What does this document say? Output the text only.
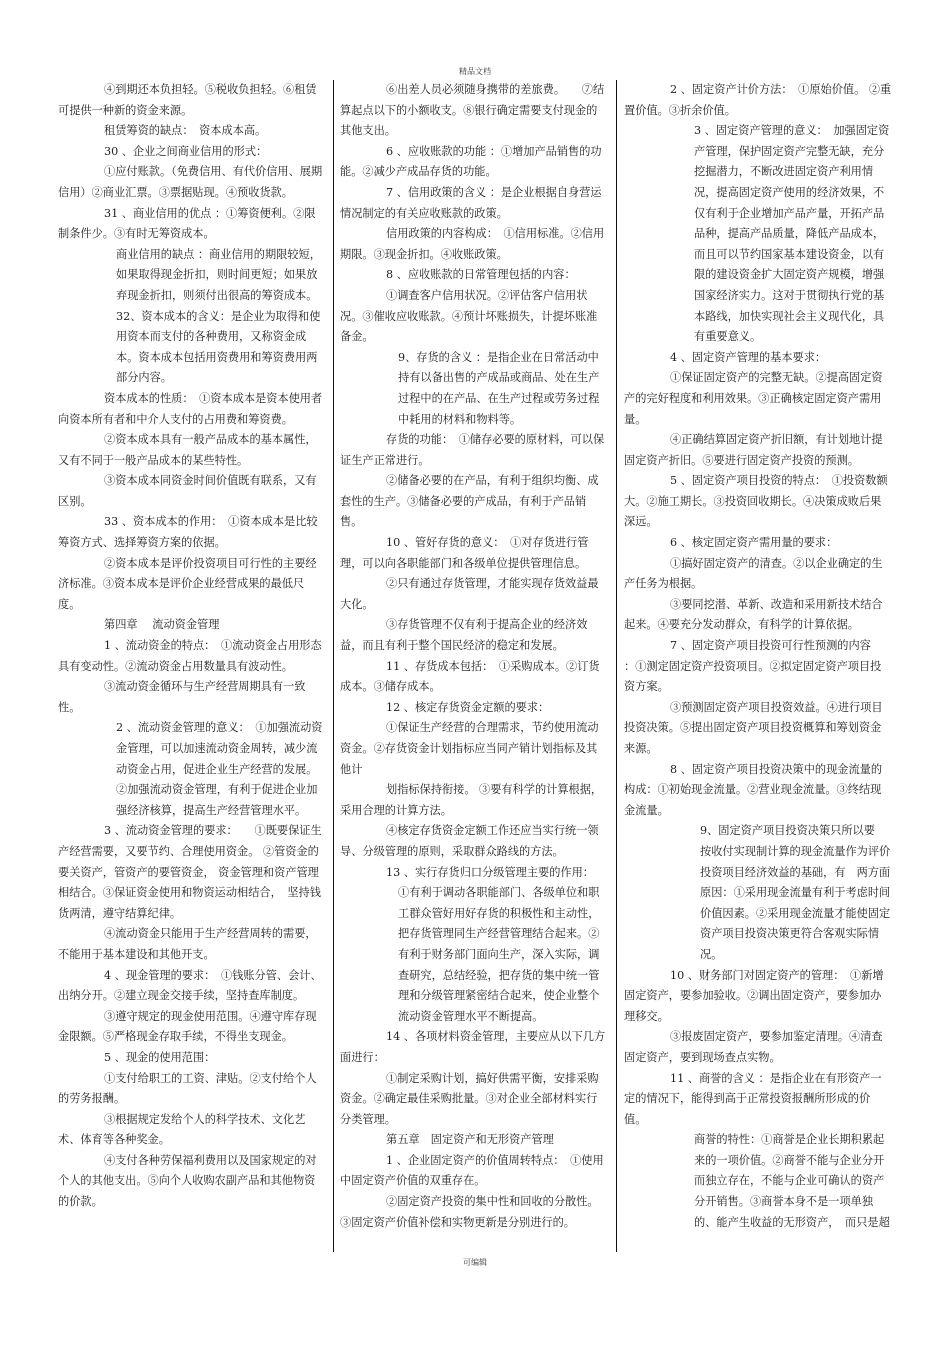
精品文档

④到期还本负担轻。⑤税收负担轻。⑥租赁可提供一种新的资金来源。

租赁筹资的缺点：　资本成本高。

30 、企业之间商业信用的形式：

①应付账款。（免费信用、有代价信用、展期信用）②商业汇票。③票据贴现。④预收货款。

31 、商业信用的优点 ：①筹资便利。②限制条件少。③有时无筹资成本。

商业信用的缺点 ：商业信用的期限较短，如果取得现金折扣，则时间更短；如果放弃现金折扣，则须付出很高的筹资成本。 32、资本成本的含义：是企业为取得和使用资本而支付的各种费用，又称资金成本。资本成本包括用资费用和筹资费用两部分内容。

资本成本的性质：　①资本成本是资本使用者向资本所有者和中介人支付的占用费和筹资费。

②资本成本具有一般产品成本的基本属性，又有不同于一般产品成本的某些特性。

③资本成本同资金时间价值既有联系，又有区别。

33 、资本成本的作用：　①资本成本是比较筹资方式、选择筹资方案的依据。

②资本成本是评价投资项目可行性的主要经济标准。③资本成本是评价企业经营成果的最低尺度。

第四章　 流动资金管理

1 、流动资金的特点：　①流动资金占用形态具有变动性。②流动资金占用数量具有波动性。

③流动资金循环与生产经营周期具有一致性。

2 、流动资金管理的意义：　①加强流动资金管理，可以加速流动资金周转，减少流动资金占用，促进企业生产经营的发展。②加强流动资金管理，有利于促进企业加强经济核算，提高生产经营管理水平。

3 、流动资金管理的要求：　　①既要保证生产经营需要，又要节约、合理使用资金。 ②管资金的要关资产，管资产的要管资金， 资金管理和资产管理相结合。③保证资金使用和物资运动相结合，　坚持钱货两清，遵守结算纪律。

④流动资金只能用于生产经营周转的需要，不能用于基本建设和其他开支。

4 、现金管理的要求：　①钱账分管、会计、出纳分开。②建立现金交接手续，坚持查库制度。

③遵守规定的现金使用范围。④遵守库存现金限额。⑤严格现金存取手续，不得坐支现金。

5 、现金的使用范围：

①支付给职工的工资、津贴。②支付给个人的劳务报酬。

③根据规定发给个人的科学技术、文化艺术、体育等各种奖金。

④支付各种劳保福利费用以及国家规定的对个人的其他支出。⑤向个人收购农副产品和其他物资的价款。

⑥出差人员必须随身携带的差旅费。　　⑦结算起点以下的小额收支。⑧银行确定需要支付现金的其他支出。

6 、应收账款的功能 ：①增加产品销售的功能。②减少产成品存货的功能。

7 、信用政策的含义 ：是企业根据自身营运情况制定的有关应收账款的政策。

信用政策的内容构成：　①信用标准。②信用期限。③现金折扣。④收账政策。

8 、应收账款的日常管理包括的内容：

①调查客户信用状况。②评估客户信用状况。③催收应收账款。④预计坏账损失，计提坏账准备金。

9、存货的含义 ：是指企业在日常活动中持有以备出售的产成品或商品、处在生产过程中的在产品、在生产过程或劳务过程中耗用的材料和物料等。

存货的功能：　①储存必要的原材料，可以保证生产正常进行。

②储备必要的在产品，有利于组织均衡、成套性的生产。③储备必要的产成品，有利于产品销售。

10 、管好存货的意义：　①对存货进行管理，可以向各职能部门和各级单位提供管理信息。

②只有通过存货管理，才能实现存货效益最大化。

③存货管理不仅有利于提高企业的经济效益，而且有利于整个国民经济的稳定和发展。

11 、存货成本包括：　①采购成本。②订货成本。③储存成本。

12 、核定存货资金定额的要求：

①保证生产经营的合理需求，节约使用流动资金。②存货资金计划指标应当同产销计划指标及其他计

划指标保持衔接。 ③要有科学的计算根据，采用合理的计算方法。

④核定存货资金定额工作还应当实行统一领导、分级管理的原则，采取群众路线的方法。

13 、实行存货归口分级管理主要的作用：

①有利于调动各职能部门、各级单位和职工群众管好用好存货的积极性和主动性，把存货管理同生产经营管理结合起来。②有利于财务部门面向生产，深入实际，调查研究，总结经验，把存货的集中统一管理和分级管理紧密结合起来，使企业整个流动资金管理水平不断提高。

14 、各项材料资金管理，主要应从以下几方面进行：

①制定采购计划，搞好供需平衡，安排采购资金。②确定最佳采购批量。③对企业全部材料实行分类管理。

第五章　固定资产和无形资产管理

1 、企业固定资产的价值周转特点：　①使用中固定资产价值的双重存在。

②固定资产投资的集中性和回收的分散性。③固定资产价值补偿和实物更新是分别进行的。

2 、固定资产计价方法：　①原始价值。 ②重置价值。③折余价值。

3 、固定资产管理的意义：　加强固定资产管理，保护固定资产完整无缺，充分挖掘潜力，不断改进固定资产利用情况，提高固定资产使用的经济效果，不仅有利于企业增加产品产量，开拓产品品种，提高产品质量，降低产品成本，而且可以节约国家基本建设资金，以有限的建设资金扩大固定资产规模，增强国家经济实力。这对于贯彻执行党的基本路线，加快实现社会主义现代化，具有重要意义。

4 、固定资产管理的基本要求：

①保证固定资产的完整无缺。②提高固定资产的完好程度和利用效果。③正确核定固定资产需用量。

④正确结算固定资产折旧额，有计划地计提固定资产折旧。⑤要进行固定资产投资的预测。

5 、固定资产项目投资的特点：　①投资数额大。②施工期长。③投资回收期长。④决策成败后果深远。

6 、核定固定资产需用量的要求：

①搞好固定资产的清查。②以企业确定的生产任务为根据。

③要同挖潜、革新、改造和采用新技术结合起来。④要充分发动群众，有科学的计算依据。

7 、固定资产项目投资可行性预测的内容　　：①测定固定资产投资项目。②拟定固定资产项目投资方案。

③预测固定资产项目投资效益。④进行项目投资决策。⑤提出固定资产项目投资概算和筹划资金来源。

8 、固定资产项目投资决策中的现金流量的构成：①初始现金流量。②营业现金流量。③终结现金流量。

9、固定资产项目投资决策只所以要　按收付实现制计算的现金流量作为评价投资项目经济效益的基础，有　两方面原因：①采用现金流量有利于考虑时间价值因素。②采用现金流量才能使固定资产项目投资决策更符合客观实际情况。

10 、财务部门对固定资产的管理：　①新增固定资产，要参加验收。②调出固定资产，要参加办理移交。

③报废固定资产，要参加鉴定清理。④清查固定资产，要到现场查点实物。

11 、商誉的含义 ：是指企业在有形资产一定的情况下，能得到高于正常投资报酬所形成的价值。

商誉的特性：①商誉是企业长期积累起来的一项价值。②商誉不能与企业分开而独立存在，不能与企业可确认的资产分开销售。③商誉本身不是一项单独的、能产生收益的无形资产，　而只是超

可编辑
